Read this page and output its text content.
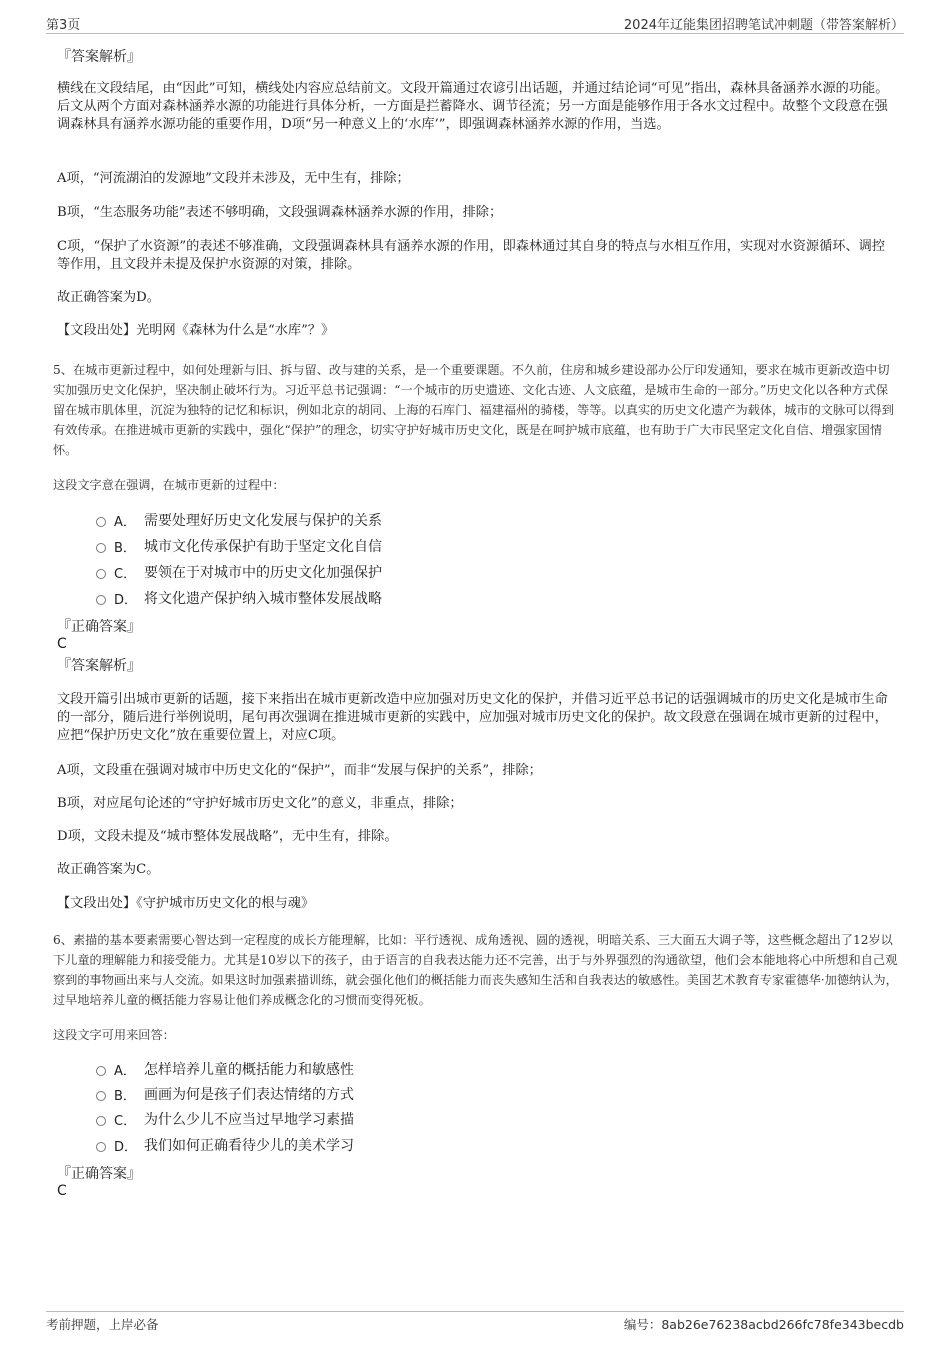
第3页	2024年辽能集团招聘笔试冲刺题（带答案解析）
『答案解析』
横线在文段结尾，由“因此”可知，横线处内容应总结前文。文段开篇通过农谚引出话题，并通过结论词“可见”指出，森林具备涵养水源的功能。后文从两个方面对森林涵养水源的功能进行具体分析，一方面是拦蓄降水、调节径流；另一方面是能够作用于各水文过程中。故整个文段意在强调森林具有涵养水源功能的重要作用，D项“另一种意义上的‘水库’”，即强调森林涵养水源的作用，当选。
A项，“河流湖泊的发源地”文段并未涉及，无中生有，排除；
B项，“生态服务功能”表述不够明确，文段强调森林涵养水源的作用，排除；
C项，“保护了水资源”的表述不够准确，文段强调森林具有涵养水源的作用，即森林通过其自身的特点与水相互作用，实现对水资源循环、调控等作用，且文段并未提及保护水资源的对策，排除。
故正确答案为D。
【文段出处】光明网《森林为什么是“水库”？》
5、在城市更新过程中，如何处理新与旧、拆与留、改与建的关系，是一个重要课题。不久前，住房和城乡建设部办公厅印发通知，要求在城市更新改造中切实加强历史文化保护，坚决制止破坏行为。习近平总书记强调：“一个城市的历史遗迹、文化古迹、人文底蕴，是城市生命的一部分。”历史文化以各种方式保留在城市肌体里，沉淀为独特的记忆和标识，例如北京的胡同、上海的石库门、福建福州的骑楼，等等。以真实的历史文化遗产为载体，城市的文脉可以得到有效传承。在推进城市更新的实践中，强化“保护”的理念，切实守护好城市历史文化，既是在呵护城市底蕴，也有助于广大市民坚定文化自信、增强家国情怀。
这段文字意在强调，在城市更新的过程中：
A． 需要处理好历史文化发展与保护的关系
B． 城市文化传承保护有助于坚定文化自信
C． 要领在于对城市中的历史文化加强保护
D． 将文化遗产保护纳入城市整体发展战略
『正确答案』
C
『答案解析』
文段开篇引出城市更新的话题，接下来指出在城市更新改造中应加强对历史文化的保护，并借习近平总书记的话强调城市的历史文化是城市生命的一部分，随后进行举例说明，尾句再次强调在推进城市更新的实践中，应加强对城市历史文化的保护。故文段意在强调在城市更新的过程中，应把“保护历史文化”放在重要位置上，对应C项。
A项，文段重在强调对城市中历史文化的“保护”，而非“发展与保护的关系”，排除；
B项，对应尾句论述的“守护好城市历史文化”的意义，非重点，排除；
D项，文段未提及“城市整体发展战略”，无中生有，排除。
故正确答案为C。
【文段出处】《守护城市历史文化的根与魂》
6、素描的基本要素需要心智达到一定程度的成长方能理解，比如：平行透视、成角透视、圆的透视，明暗关系、三大面五大调子等，这些概念超出了12岁以下儿童的理解能力和接受能力。尤其是10岁以下的孩子，由于语言的自我表达能力还不完善，出于与外界强烈的沟通欲望，他们会本能地将心中所想和自己观察到的事物画出来与人交流。如果这时加强素描训练，就会强化他们的概括能力而丧失感知生活和自我表达的敏感性。美国艺术教育专家霍德华·加德纳认为，过早地培养儿童的概括能力容易让他们养成概念化的习惯而变得死板。
这段文字可用来回答：
A． 怎样培养儿童的概括能力和敏感性
B． 画画为何是孩子们表达情绪的方式
C． 为什么少儿不应当过早地学习素描
D． 我们如何正确看待少儿的美术学习
『正确答案』
C
考前押题，上岸必备	编号：8ab26e76238acbd266fc78fe343becdb
